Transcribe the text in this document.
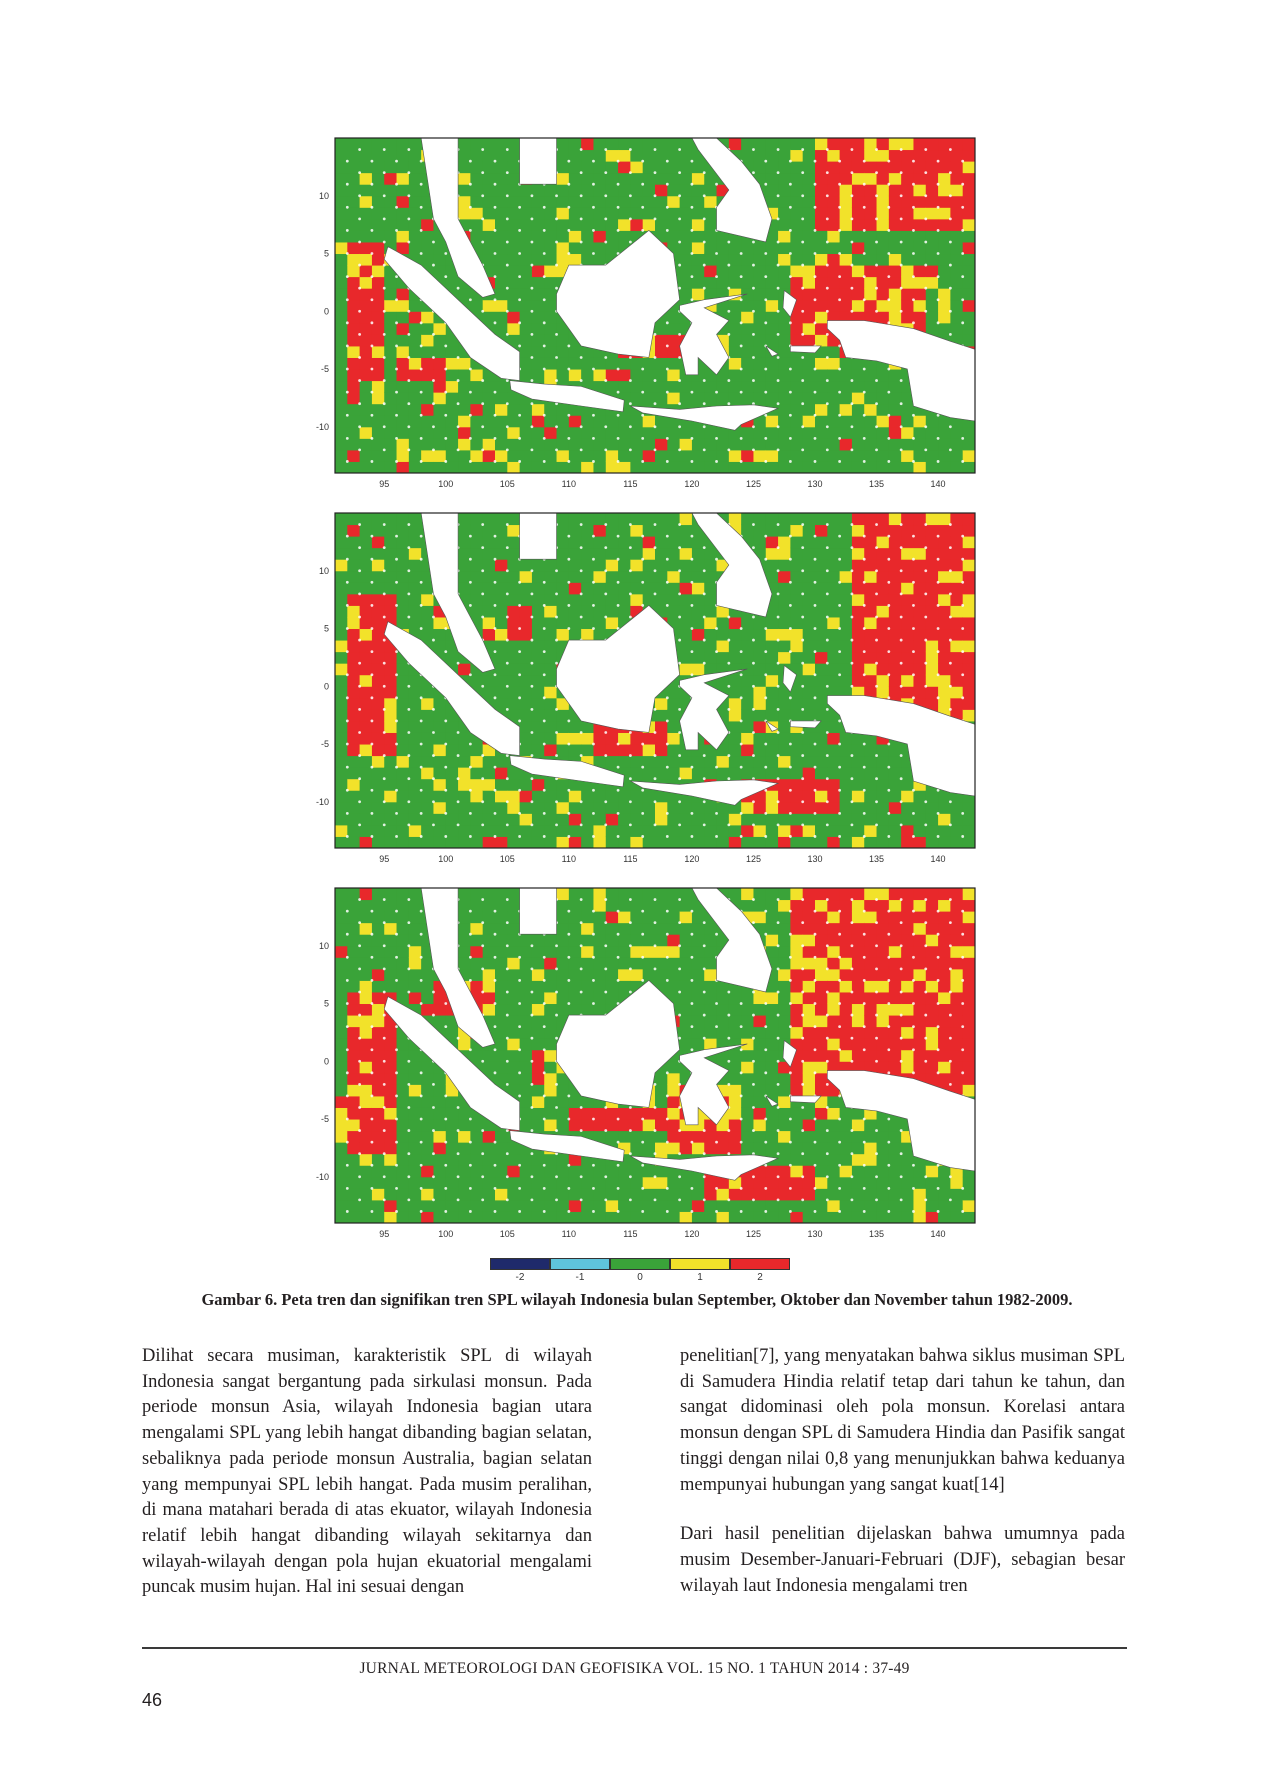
95	100	105	110	115	120	125	130	135	140
10
5
0
-5
-10
95	100	105	110	115	120	125	130	135	140
10
5
0
-5
-10
95	100	105	110	115	120	125	130	135	140
10
5
0
-5
-10
-2	-1	0	1	2
Gambar 6. Peta tren dan signifikan tren SPL wilayah Indonesia bulan September, Oktober dan November tahun 1982-2009.

Dilihat secara musiman, karakteristik SPL di wilayah Indonesia sangat bergantung pada sirkulasi monsun. Pada periode monsun Asia, wilayah Indonesia bagian utara mengalami SPL yang lebih hangat dibanding bagian selatan, sebaliknya pada periode monsun Australia, bagian selatan yang mempunyai SPL lebih hangat. Pada musim peralihan, di mana matahari berada di atas ekuator, wilayah Indonesia relatif lebih hangat dibanding wilayah sekitarnya dan wilayah-wilayah dengan pola hujan ekuatorial mengalami puncak musim hujan. Hal ini sesuai dengan

penelitian[7], yang menyatakan bahwa siklus musiman SPL di Samudera Hindia relatif tetap dari tahun ke tahun, dan sangat didominasi oleh pola monsun. Korelasi antara monsun dengan SPL di Samudera Hindia dan Pasifik sangat tinggi dengan nilai 0,8 yang menunjukkan bahwa keduanya mempunyai hubungan yang sangat kuat[14]

Dari hasil penelitian dijelaskan bahwa umumnya pada musim Desember-Januari-Februari (DJF), sebagian besar wilayah laut Indonesia mengalami tren

JURNAL METEOROLOGI DAN GEOFISIKA VOL. 15 NO. 1 TAHUN 2014 : 37-49
46
